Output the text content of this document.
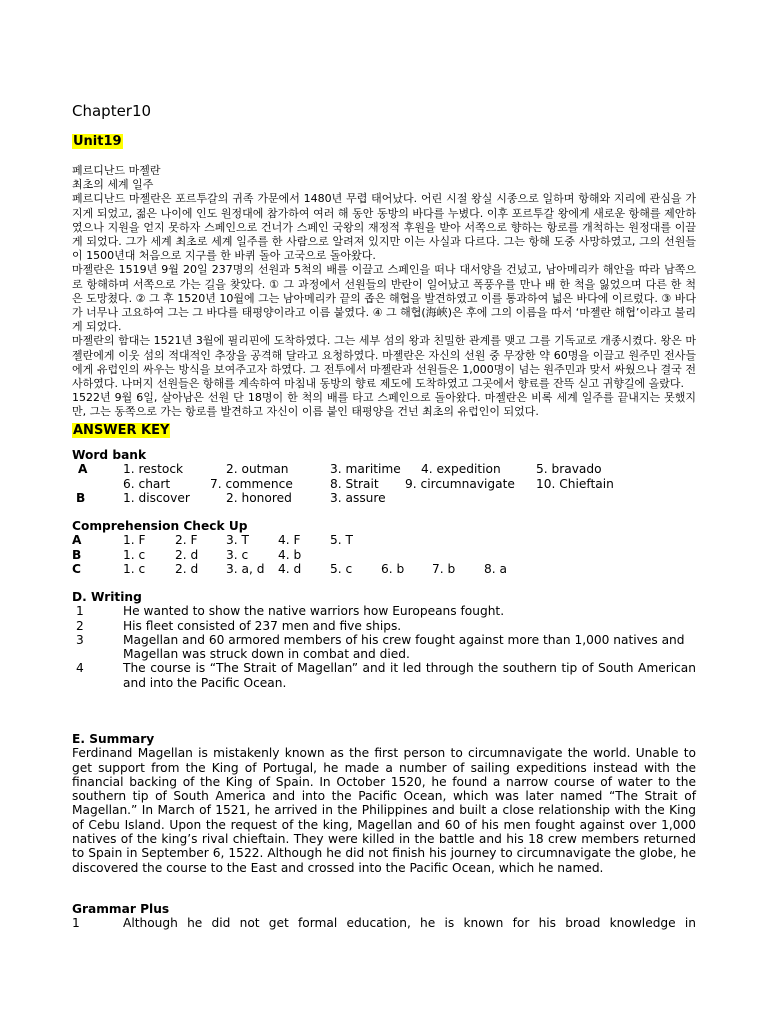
Chapter10
Unit19

페르디난드 마젤란

최초의 세계 일주

페르디난드 마젤란은 포르투갈의 귀족 가문에서 1480년 무렵 태어났다. 어린 시절 왕실 시종으로 일하며 항해와 지리에 관심을 가지게 되었고, 젊은 나이에 인도 원정대에 참가하여 여러 해 동안 동방의 바다를 누볐다. 이후 포르투갈 왕에게 새로운 항해를 제안하였으나 지원을 얻지 못하자 스페인으로 건너가 스페인 국왕의 재정적 후원을 받아 서쪽으로 향하는 항로를 개척하는 원정대를 이끌게 되었다. 그가 세계 최초로 세계 일주를 한 사람으로 알려져 있지만 이는 사실과 다르다. 그는 항해 도중 사망하였고, 그의 선원들이 1500년대 처음으로 지구를 한 바퀴 돌아 고국으로 돌아왔다.

마젤란은 1519년 9월 20일 237명의 선원과 5척의 배를 이끌고 스페인을 떠나 대서양을 건넜고, 남아메리카 해안을 따라 남쪽으로 항해하며 서쪽으로 가는 길을 찾았다. ① 그 과정에서 선원들의 반란이 일어났고 폭풍우를 만나 배 한 척을 잃었으며 다른 한 척은 도망쳤다. ② 그 후 1520년 10월에 그는 남아메리카 끝의 좁은 해협을 발견하였고 이를 통과하여 넓은 바다에 이르렀다. ③ 바다가 너무나 고요하여 그는 그 바다를 태평양이라고 이름 붙였다. ④ 그 해협(海峽)은 후에 그의 이름을 따서 ‘마젤란 해협’이라고 불리게 되었다.

마젤란의 함대는 1521년 3월에 필리핀에 도착하였다. 그는 세부 섬의 왕과 친밀한 관계를 맺고 그를 기독교로 개종시켰다. 왕은 마젤란에게 이웃 섬의 적대적인 추장을 공격해 달라고 요청하였다. 마젤란은 자신의 선원 중 무장한 약 60명을 이끌고 원주민 전사들에게 유럽인의 싸우는 방식을 보여주고자 하였다. 그 전투에서 마젤란과 선원들은 1,000명이 넘는 원주민과 맞서 싸웠으나 결국 전사하였다. 나머지 선원들은 항해를 계속하여 마침내 동방의 향료 제도에 도착하였고 그곳에서 향료를 잔뜩 싣고 귀향길에 올랐다.

1522년 9월 6일, 살아남은 선원 단 18명이 한 척의 배를 타고 스페인으로 돌아왔다. 마젤란은 비록 세계 일주를 끝내지는 못했지만, 그는 동쪽으로 가는 항로를 발견하고 자신이 이름 붙인 태평양을 건넌 최초의 유럽인이 되었다.

ANSWER KEY
Word bank
A	1. restock	2. outman	3. maritime 4. expedition	5. bravado
6. chart	7. commence	8. Strait 9. circumnavigate 10. Chieftain
B	1. discover	2. honored	3. assure
Comprehension Check Up
A	1. F 2. F 3. T 4. F 5. T
B	1. c 2. d 3. c 4. b
C	1. c 2. d 3. a, d 4. d 5. c 6. b 7. b 8. a
D. Writing
1	He wanted to show the native warriors how Europeans fought.
2	His fleet consisted of 237 men and five ships.
3	Magellan and 60 armored members of his crew fought against more than 1,000 natives and

Magellan was struck down in combat and died.

4	The course is “The Strait of Magellan” and it led through the southern tip of South American

and into the Pacific Ocean.

E. Summary
Ferdinand Magellan is mistakenly known as the first person to circumnavigate the world. Unable to get support from the King of Portugal, he made a number of sailing expeditions instead with the financial backing of the King of Spain. In October 1520, he found a narrow course of water to the southern tip of South America and into the Pacific Ocean, which was later named “The Strait of Magellan.” In March of 1521, he arrived in the Philippines and built a close relationship with the King of Cebu Island. Upon the request of the king, Magellan and 60 of his men fought against over 1,000 natives of the king’s rival chieftain. They were killed in the battle and his 18 crew members returned to Spain in September 6, 1522. Although he did not finish his journey to circumnavigate the globe, he discovered the course to the East and crossed into the Pacific Ocean, which he named.
Grammar Plus
1	Although he did not get formal education, he is known for his broad knowledge in
